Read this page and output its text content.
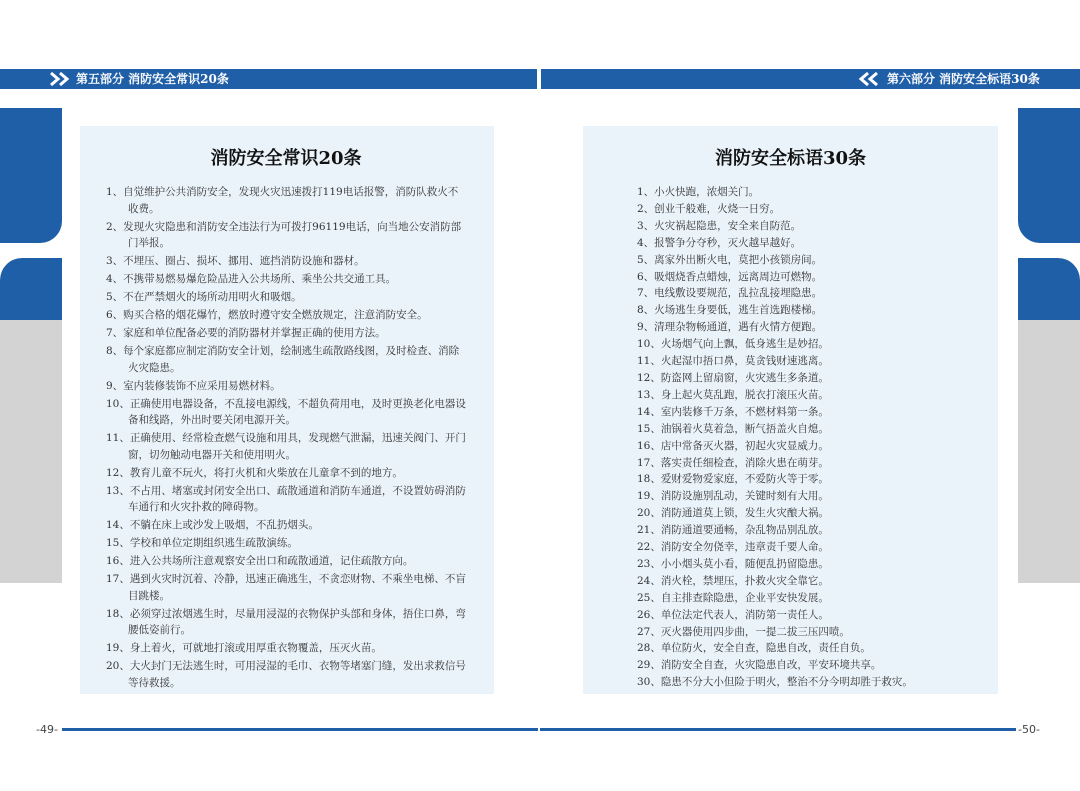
第五部分 消防安全常识20条	第六部分 消防安全标语30条
消防安全常识20条
1、自觉维护公共消防安全，发现火灾迅速拨打119电话报警，消防队救火不收费。
2、发现火灾隐患和消防安全违法行为可拨打96119电话，向当地公安消防部门举报。
3、不埋压、圈占、损坏、挪用、遮挡消防设施和器材。
4、不携带易燃易爆危险品进入公共场所、乘坐公共交通工具。
5、不在严禁烟火的场所动用明火和吸烟。
6、购买合格的烟花爆竹，燃放时遵守安全燃放规定，注意消防安全。
7、家庭和单位配备必要的消防器材并掌握正确的使用方法。
8、每个家庭都应制定消防安全计划，绘制逃生疏散路线图，及时检查、消除火灾隐患。
9、室内装修装饰不应采用易燃材料。
10、正确使用电器设备，不乱接电源线，不超负荷用电，及时更换老化电器设备和线路，外出时要关闭电源开关。
11、正确使用、经常检查燃气设施和用具，发现燃气泄漏，迅速关阀门、开门窗，切勿触动电器开关和使用明火。
12、教育儿童不玩火，将打火机和火柴放在儿童拿不到的地方。
13、不占用、堵塞或封闭安全出口、疏散通道和消防车通道，不设置妨碍消防车通行和火灾扑救的障碍物。
14、不躺在床上或沙发上吸烟，不乱扔烟头。
15、学校和单位定期组织逃生疏散演练。
16、进入公共场所注意观察安全出口和疏散通道，记住疏散方向。
17、遇到火灾时沉着、冷静，迅速正确逃生，不贪恋财物、不乘坐电梯、不盲目跳楼。
18、必须穿过浓烟逃生时，尽量用浸湿的衣物保护头部和身体，捂住口鼻，弯腰低姿前行。
19、身上着火，可就地打滚或用厚重衣物覆盖，压灭火苗。
20、大火封门无法逃生时，可用浸湿的毛巾、衣物等堵塞门缝，发出求救信号等待救援。
消防安全标语30条
1、小火快跑，浓烟关门。
2、创业千般难，火烧一日穷。
3、火灾祸起隐患，安全来自防范。
4、报警争分夺秒，灭火越早越好。
5、离家外出断火电，莫把小孩锁房间。
6、吸烟烧香点蜡烛，远离周边可燃物。
7、电线敷设要规范，乱拉乱接埋隐患。
8、火场逃生身要低，逃生首选跑楼梯。
9、清理杂物畅通道，遇有火情方便跑。
10、火场烟气向上飘，低身逃生是妙招。
11、火起湿巾捂口鼻，莫贪钱财速逃离。
12、防盗网上留扇窗，火灾逃生多条道。
13、身上起火莫乱跑，脱衣打滚压火苗。
14、室内装修千万条，不燃材料第一条。
15、油锅着火莫着急，断气捂盖火自熄。
16、店中常备灭火器，初起火灾显威力。
17、落实责任细检查，消除火患在萌芽。
18、爱财爱物爱家庭，不爱防火等于零。
19、消防设施别乱动，关键时刻有大用。
20、消防通道莫上锁，发生火灾酿大祸。
21、消防通道要通畅，杂乱物品别乱放。
22、消防安全勿侥幸，违章责千要人命。
23、小小烟头莫小看，随便乱扔留隐患。
24、消火栓，禁埋压，扑救火灾全靠它。
25、自主排查除隐患，企业平安快发展。
26、单位法定代表人，消防第一责任人。
27、灭火器使用四步曲，一提二拔三压四喷。
28、单位防火，安全自查，隐患自改，责任自负。
29、消防安全自查，火灾隐患自改，平安环境共享。
30、隐患不分大小但险于明火，整治不分今明却胜于救灾。
-49-	-50-
